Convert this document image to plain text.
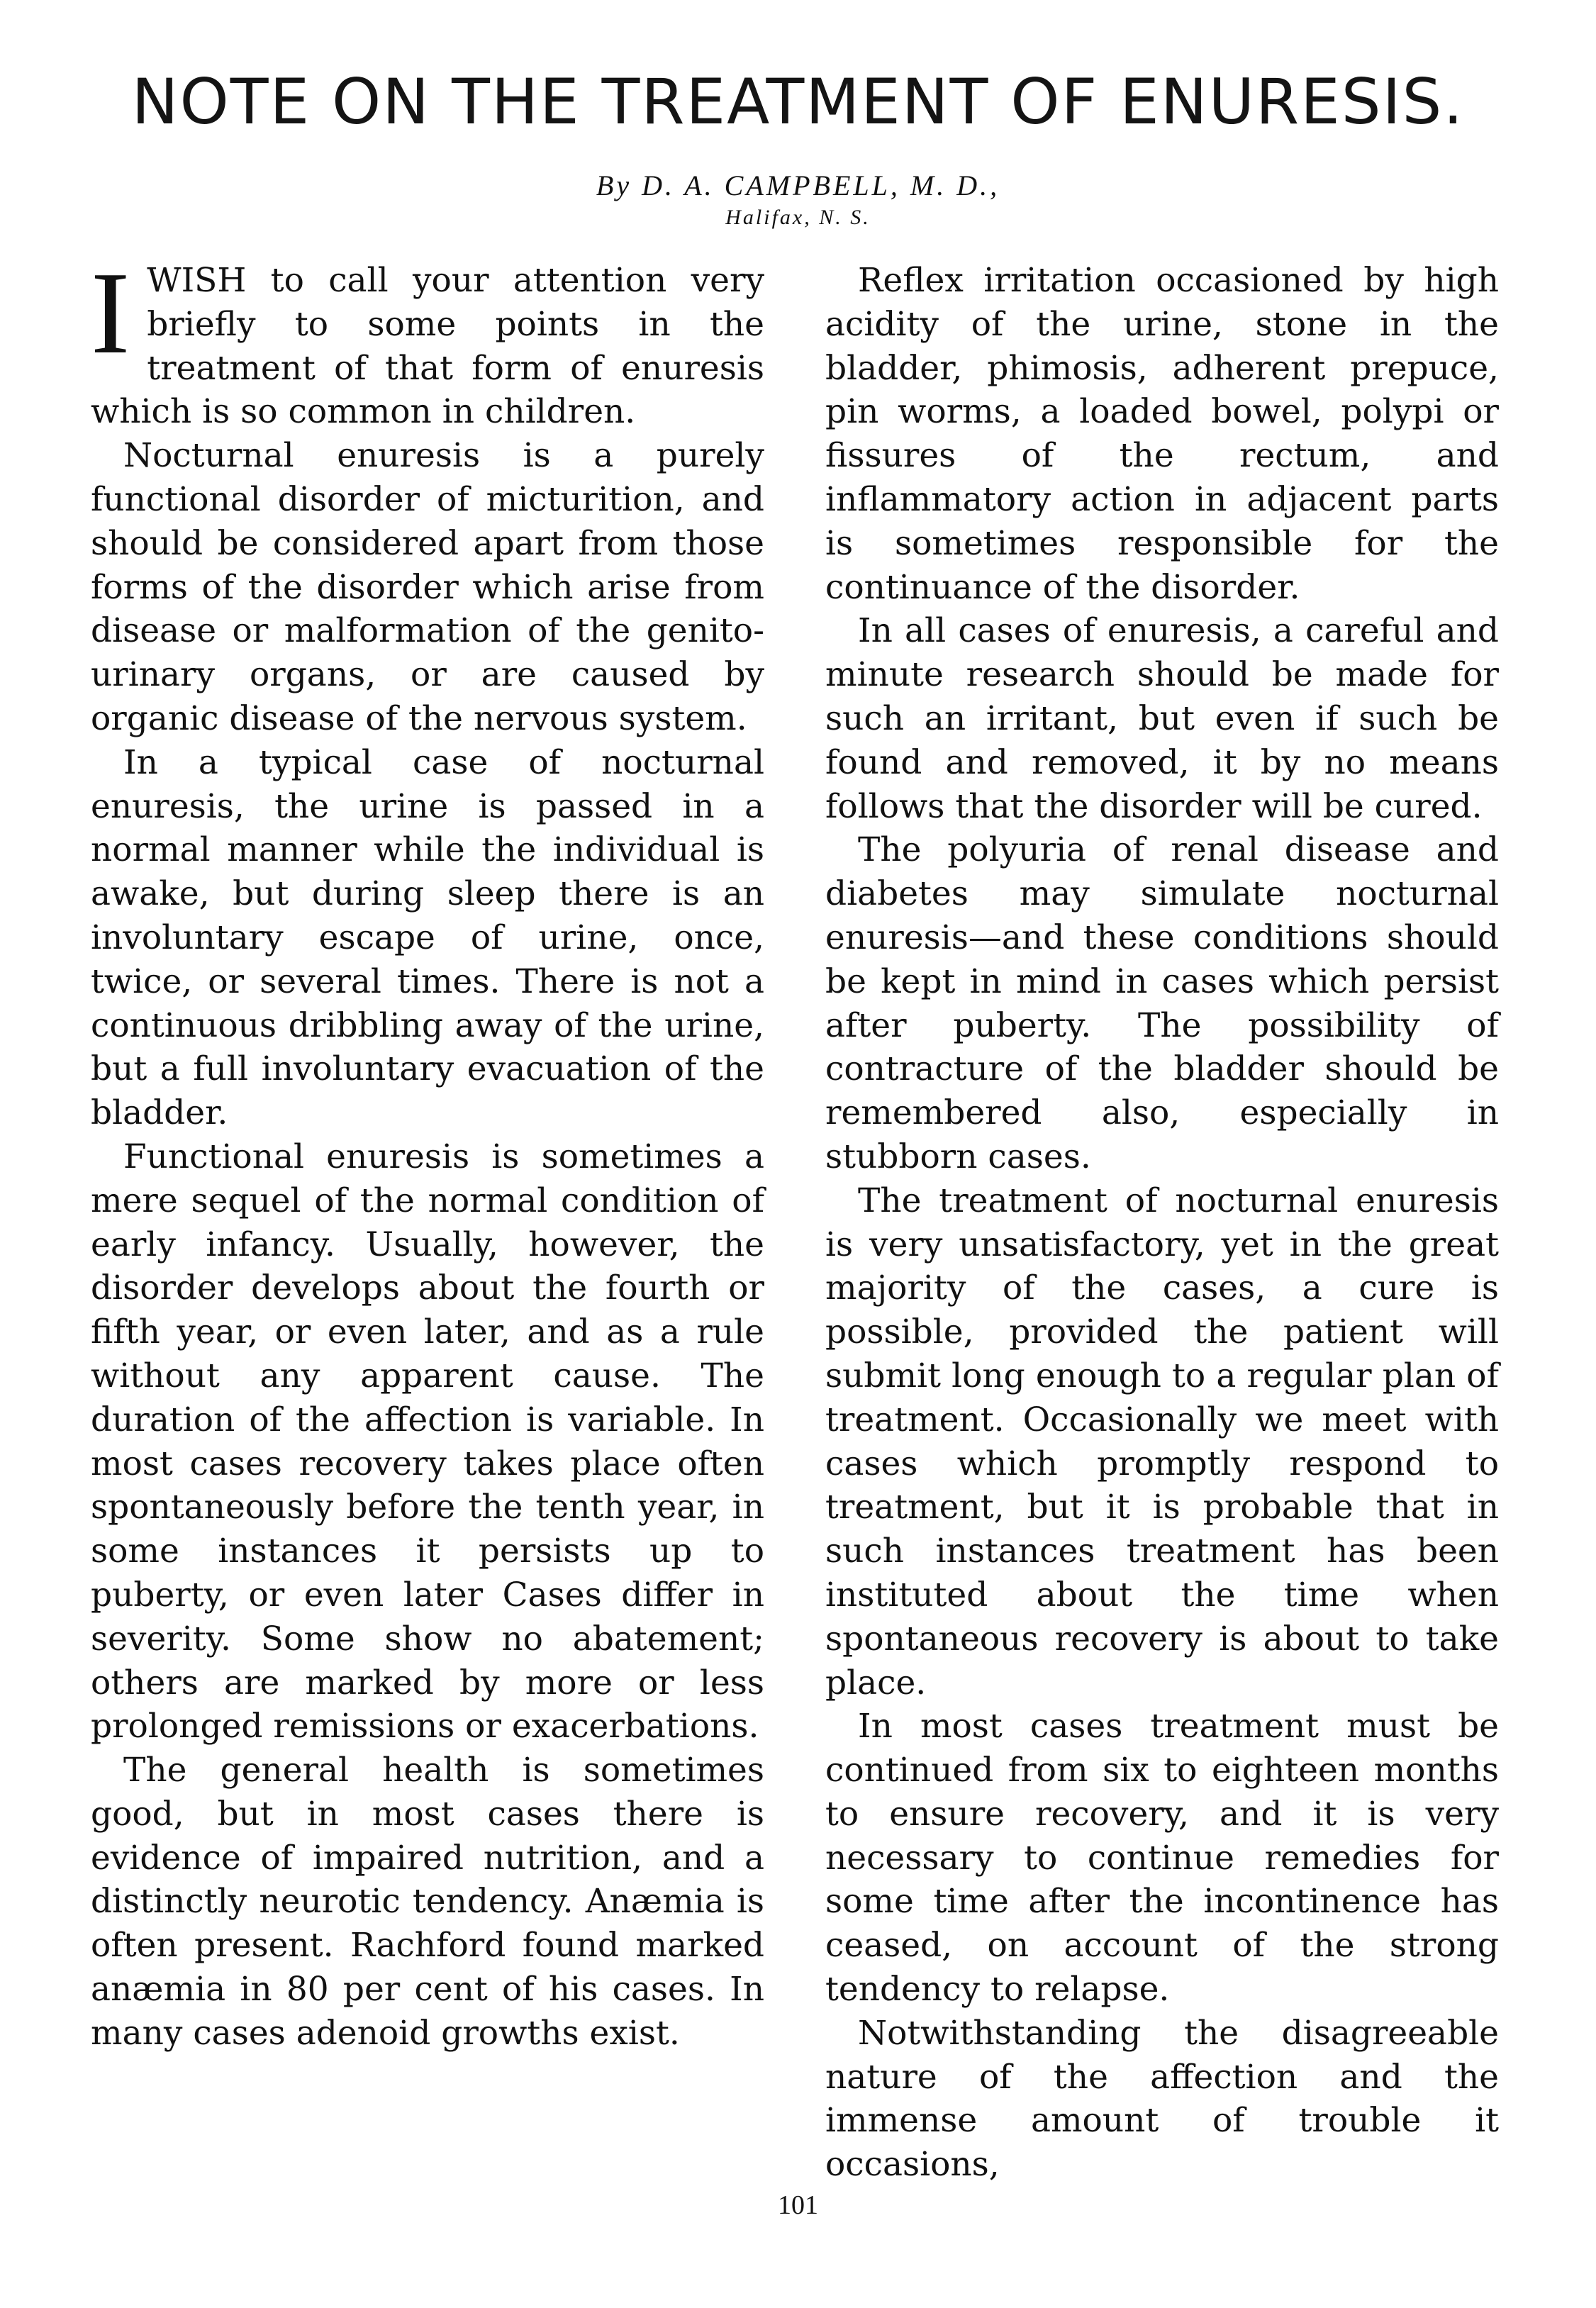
NOTE ON THE TREATMENT OF ENURESIS.

By D. A. CAMPBELL, M. D.,

Halifax, N. S.

IWISH to call your attention very briefly to some points in the treatment of that form of enuresis which is so common in children.

Nocturnal enuresis is a purely functional disorder of micturition, and should be considered apart from those forms of the disorder which arise from disease or malformation of the genito-urinary organs, or are caused by organic disease of the nervous system.

In a typical case of nocturnal enuresis, the urine is passed in a normal manner while the individual is awake, but during sleep there is an involuntary escape of urine, once, twice, or several times. There is not a continuous dribbling away of the urine, but a full involuntary evacuation of the bladder.

Functional enuresis is sometimes a mere sequel of the normal condition of early infancy. Usually, however, the disorder develops about the fourth or fifth year, or even later, and as a rule without any apparent cause. The duration of the affection is variable. In most cases recovery takes place often spontaneously before the tenth year, in some instances it persists up to puberty, or even later Cases differ in severity. Some show no abatement; others are marked by more or less prolonged remissions or exacerbations.

The general health is sometimes good, but in most cases there is evidence of impaired nutrition, and a distinctly neurotic tendency. Anæmia is often present. Rachford found marked anæmia in 80 per cent of his cases. In many cases adenoid growths exist.

Reflex irritation occasioned by high acidity of the urine, stone in the bladder, phimosis, adherent prepuce, pin worms, a loaded bowel, polypi or fissures of the rectum, and inflammatory action in adjacent parts is sometimes responsible for the continuance of the disorder.

In all cases of enuresis, a careful and minute research should be made for such an irritant, but even if such be found and removed, it by no means follows that the disorder will be cured.

The polyuria of renal disease and diabetes may simulate nocturnal enuresis—and these conditions should be kept in mind in cases which persist after puberty. The possibility of contracture of the bladder should be remembered also, especially in stubborn cases.

The treatment of nocturnal enuresis is very unsatisfactory, yet in the great majority of the cases, a cure is possible, provided the patient will submit long enough to a regular plan of treatment. Occasionally we meet with cases which promptly respond to treatment, but it is probable that in such instances treatment has been instituted about the time when spontaneous recovery is about to take place.

In most cases treatment must be continued from six to eighteen months to ensure recovery, and it is very necessary to continue remedies for some time after the incontinence has ceased, on account of the strong tendency to relapse.

Notwithstanding the disagreeable nature of the affection and the immense amount of trouble it occasions,

101
